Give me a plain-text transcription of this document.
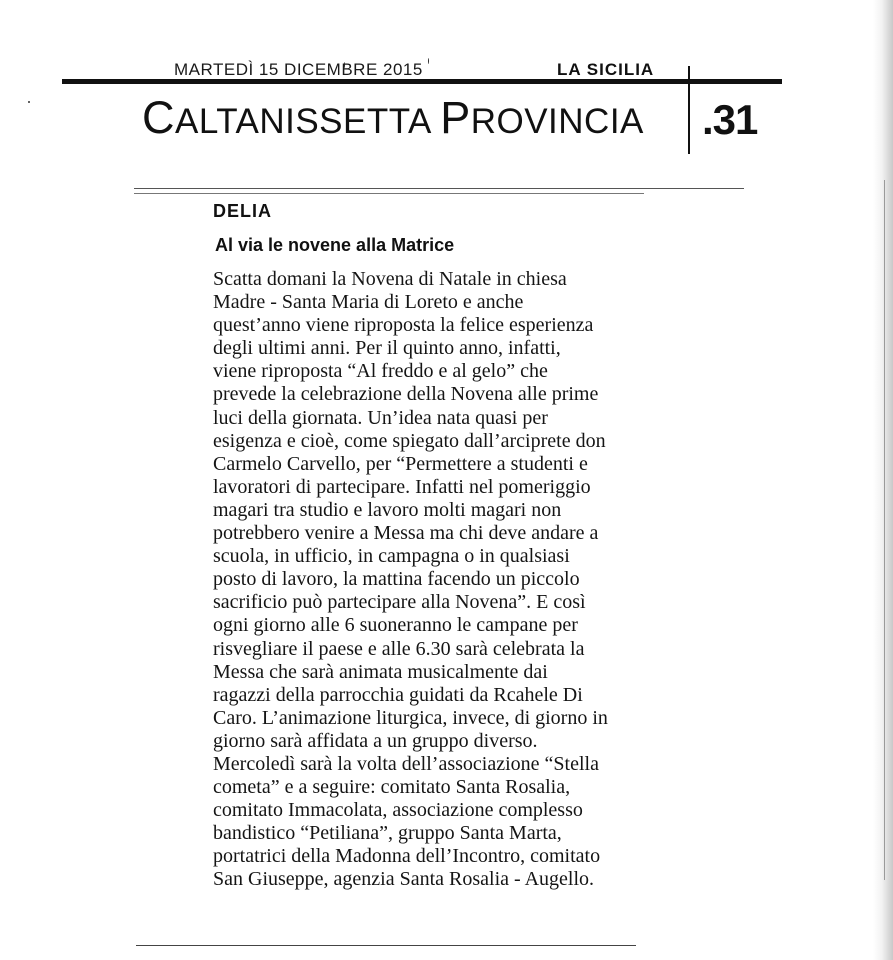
MARTEDÌ 15 DICEMBRE 2015	LA SICILIA
CALTANISSETTA PROVINCIA .31
DELIA
Al via le novene alla Matrice
Scatta domani la Novena di Natale in chiesa
Madre - Santa Maria di Loreto e anche
quest’anno viene riproposta la felice esperienza
degli ultimi anni. Per il quinto anno, infatti,
viene riproposta “Al freddo e al gelo” che
prevede la celebrazione della Novena alle prime
luci della giornata. Un’idea nata quasi per
esigenza e cioè, come spiegato dall’arciprete don
Carmelo Carvello, per “Permettere a studenti e
lavoratori di partecipare. Infatti nel pomeriggio
magari tra studio e lavoro molti magari non
potrebbero venire a Messa ma chi deve andare a
scuola, in ufficio, in campagna o in qualsiasi
posto di lavoro, la mattina facendo un piccolo
sacrificio può partecipare alla Novena”. E così
ogni giorno alle 6 suoneranno le campane per
risvegliare il paese e alle 6.30 sarà celebrata la
Messa che sarà animata musicalmente dai
ragazzi della parrocchia guidati da Rcahele Di
Caro. L’animazione liturgica, invece, di giorno in
giorno sarà affidata a un gruppo diverso.
Mercoledì sarà la volta dell’associazione “Stella
cometa” e a seguire: comitato Santa Rosalia,
comitato Immacolata, associazione complesso
bandistico “Petiliana”, gruppo Santa Marta,
portatrici della Madonna dell’Incontro, comitato
San Giuseppe, agenzia Santa Rosalia - Augello.
